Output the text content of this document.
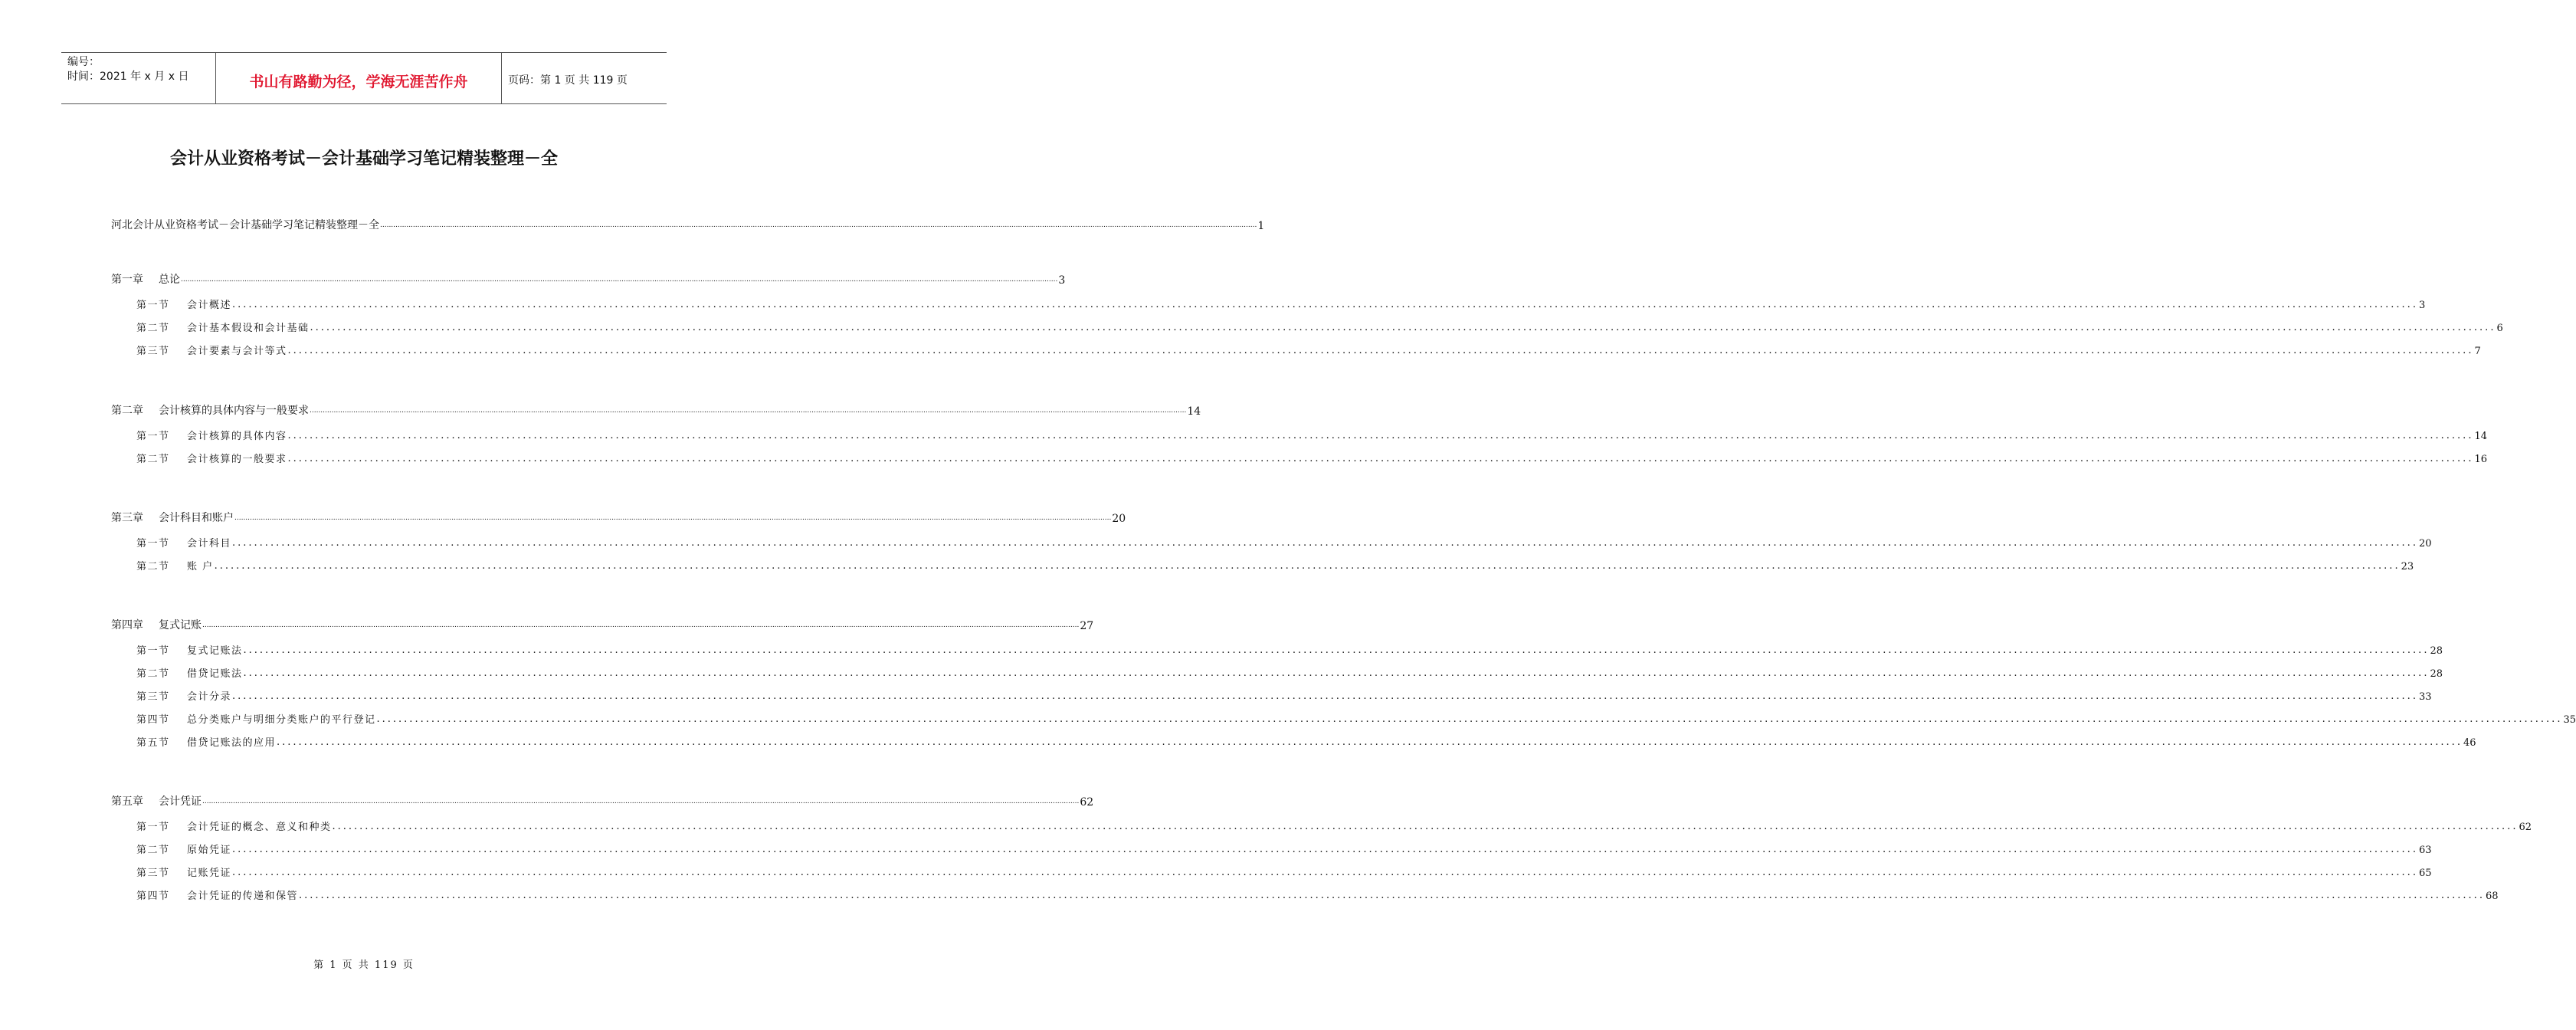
编号：
时间：2021 年 x 月 x 日	书山有路勤为径，学海无涯苦作舟	页码：第 1 页 共 119 页
会计从业资格考试－会计基础学习笔记精装整理－全
河北会计从业资格考试－会计基础学习笔记精装整理－全 ................................................................................................................................................................................................................................................................................................................................................................................................................ 1
第一章 总论 ................................................................................................................................................................................................................................................................................................................................................................................................................ 3
第一节	会计概述 ................................................................................................................................................................................................................................................................................................................................................................................................................ 3
第二节	会计基本假设和会计基础 ................................................................................................................................................................................................................................................................................................................................................................................................................ 6
第三节	会计要素与会计等式 ................................................................................................................................................................................................................................................................................................................................................................................................................ 7
第二章 会计核算的具体内容与一般要求 ................................................................................................................................................................................................................................................................................................................................................................................................................ 14
第一节	会计核算的具体内容 ................................................................................................................................................................................................................................................................................................................................................................................................................ 14
第二节	会计核算的一般要求 ................................................................................................................................................................................................................................................................................................................................................................................................................ 16
第三章 会计科目和账户 ................................................................................................................................................................................................................................................................................................................................................................................................................ 20
第一节	会计科目 ................................................................................................................................................................................................................................................................................................................................................................................................................ 20
第二节	账 户 ................................................................................................................................................................................................................................................................................................................................................................................................................ 23
第四章 复式记账 ................................................................................................................................................................................................................................................................................................................................................................................................................ 27
第一节	复式记账法 ................................................................................................................................................................................................................................................................................................................................................................................................................ 28
第二节	借贷记账法 ................................................................................................................................................................................................................................................................................................................................................................................................................ 28
第三节	会计分录 ................................................................................................................................................................................................................................................................................................................................................................................................................ 33
第四节	总分类账户与明细分类账户的平行登记 ................................................................................................................................................................................................................................................................................................................................................................................................................ 35
第五节	借贷记账法的应用 ................................................................................................................................................................................................................................................................................................................................................................................................................ 46
第五章 会计凭证 ................................................................................................................................................................................................................................................................................................................................................................................................................ 62
第一节	会计凭证的概念、意义和种类 ................................................................................................................................................................................................................................................................................................................................................................................................................ 62
第二节	原始凭证 ................................................................................................................................................................................................................................................................................................................................................................................................................ 63
第三节	记账凭证 ................................................................................................................................................................................................................................................................................................................................................................................................................ 65
第四节	会计凭证的传递和保管 ................................................................................................................................................................................................................................................................................................................................................................................................................ 68
第 1 页 共 119 页
